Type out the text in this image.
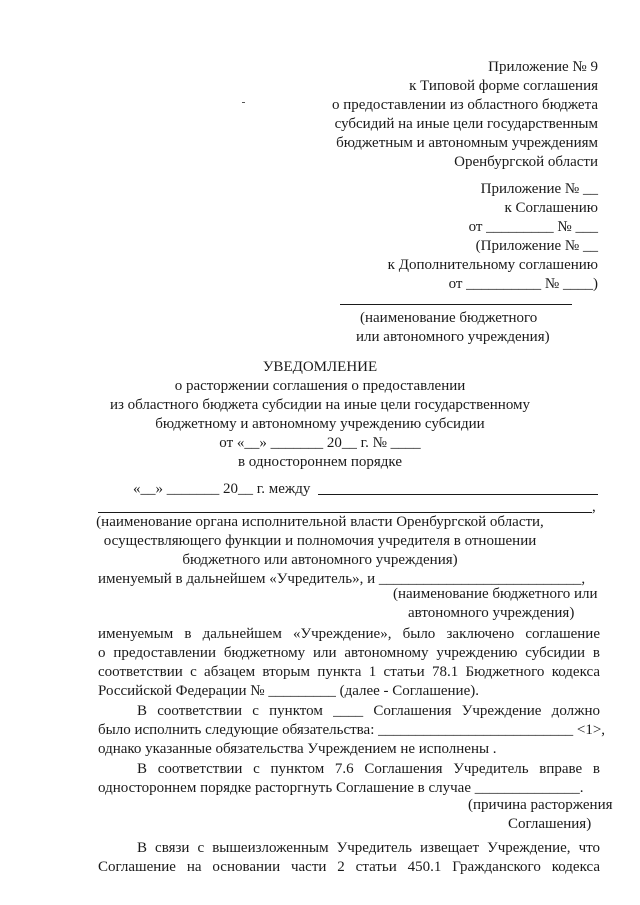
Приложение № 9
к Типовой форме соглашения
о предоставлении из областного бюджета
субсидий на иные цели государственным
бюджетным и автономным учреждениям
Оренбургской области
Приложение № __
к Соглашению
от _________ № ___
(Приложение № __
к Дополнительному соглашению
от __________ № ____)
(наименование бюджетного
или автономного учреждения)
УВЕДОМЛЕНИЕ
о расторжении соглашения о предоставлении
из областного бюджета субсидии на иные цели государственному
бюджетному и автономному учреждению субсидии
от «__» _______ 20__ г. № ____
в одностороннем порядке
«__» _______ 20__ г. между
,
(наименование органа исполнительной власти Оренбургской области,
осуществляющего функции и полномочия учредителя в отношении
бюджетного или автономного учреждения)
именуемый в дальнейшем «Учредитель», и ___________________________,
(наименование бюджетного или
автономного учреждения)
именуемым в дальнейшем «Учреждение», было заключено соглашение
о предоставлении бюджетному или автономному учреждению субсидии в
соответствии с абзацем вторым пункта 1 статьи 78.1 Бюджетного кодекса
Российской Федерации № _________ (далее - Соглашение).
В соответствии с пунктом ____ Соглашения Учреждение должно
было исполнить следующие обязательства: __________________________ <1>,
однако указанные обязательства Учреждением не исполнены .
В соответствии с пунктом 7.6 Соглашения Учредитель вправе в
одностороннем порядке расторгнуть Соглашение в случае ______________.
(причина расторжения
Соглашения)
В связи с вышеизложенным Учредитель извещает Учреждение, что
Соглашение на основании части 2 статьи 450.1 Гражданского кодекса
